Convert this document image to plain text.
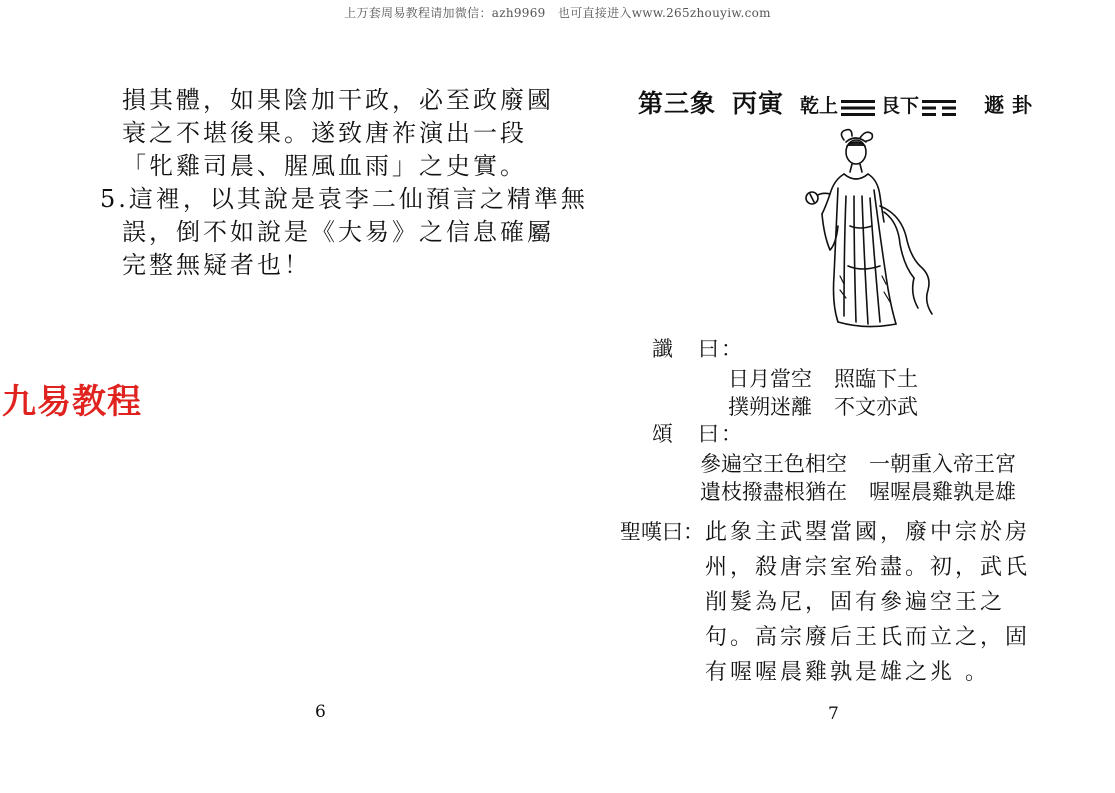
上万套周易教程请加微信：azh9969　也可直接进入www.265zhouyiw.com
損其體，如果陰加干政，必至政廢國
衰之不堪後果。遂致唐祚演出一段
「牝雞司晨、腥風血雨」之史實。
5.這裡，以其說是袁李二仙預言之精準無
誤，倒不如說是《大易》之信息確屬
完整無疑者也！
九易教程
6
第三象 丙寅 乾上 艮下	遯卦
讖　曰：
日月當空 照臨下土
撲朔迷離 不文亦武
頌　曰：
參遍空王色相空 一朝重入帝王宮
遺枝撥盡根猶在 喔喔晨雞孰是雄
聖嘆曰： 此象主武曌當國，廢中宗於房
州，殺唐宗室殆盡。初，武氏
削髮為尼，固有參遍空王之
句。高宗廢后王氏而立之，固
有喔喔晨雞孰是雄之兆 。
7
